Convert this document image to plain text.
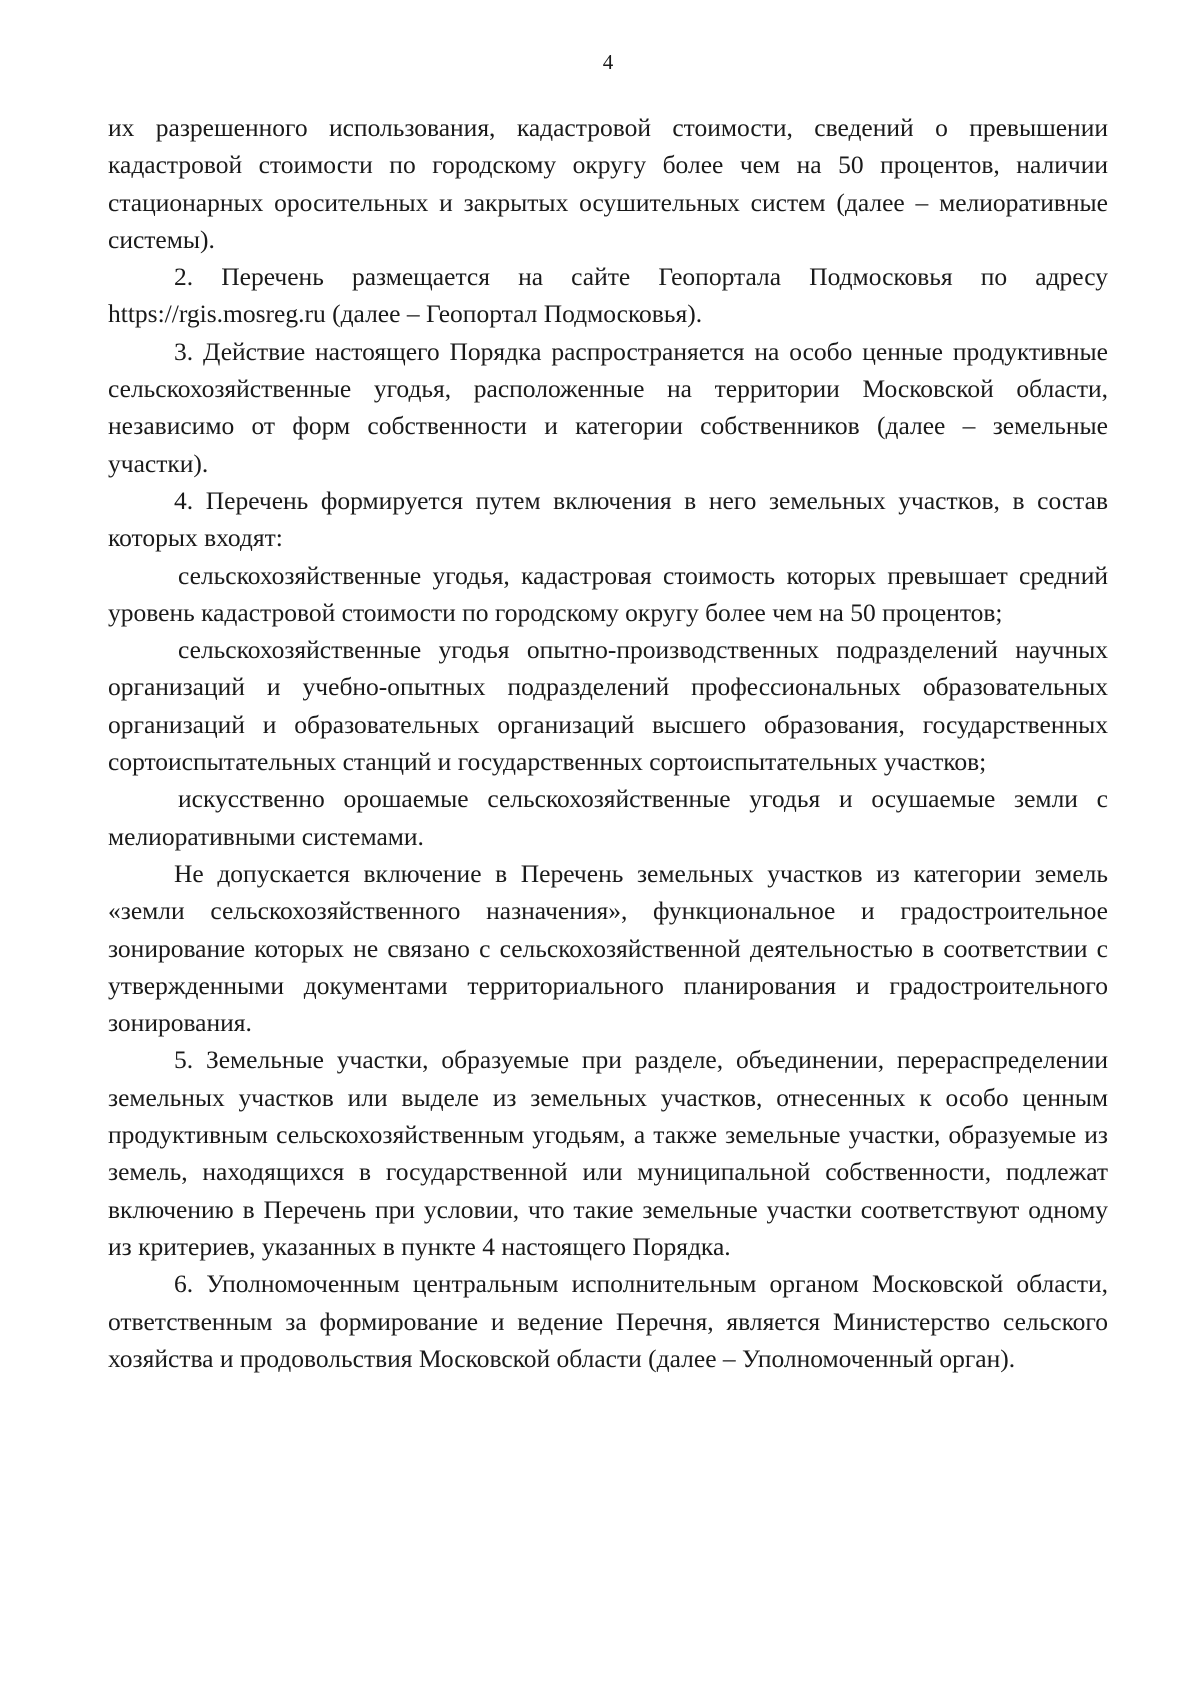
4

их разрешенного использования, кадастровой стоимости, сведений о превышении кадастровой стоимости по городскому округу более чем на 50 процентов, наличии стационарных оросительных и закрытых осушительных систем (далее – мелиоративные системы).

2. Перечень размещается на сайте Геопортала Подмосковья по адресу https://rgis.mosreg.ru (далее – Геопортал Подмосковья).

3. Действие настоящего Порядка распространяется на особо ценные продуктивные сельскохозяйственные угодья, расположенные на территории Московской области, независимо от форм собственности и категории собственников (далее – земельные участки).

4. Перечень формируется путем включения в него земельных участков, в состав которых входят:

сельскохозяйственные угодья, кадастровая стоимость которых превышает средний уровень кадастровой стоимости по городскому округу более чем на 50 процентов;

сельскохозяйственные угодья опытно-производственных подразделений научных организаций и учебно-опытных подразделений профессиональных образовательных организаций и образовательных организаций высшего образования, государственных сортоиспытательных станций и государственных сортоиспытательных участков;

искусственно орошаемые сельскохозяйственные угодья и осушаемые земли с мелиоративными системами.

Не допускается включение в Перечень земельных участков из категории земель «земли сельскохозяйственного назначения», функциональное и градостроительное зонирование которых не связано с сельскохозяйственной деятельностью в соответствии с утвержденными документами территориального планирования и градостроительного зонирования.

5. Земельные участки, образуемые при разделе, объединении, перераспределении земельных участков или выделе из земельных участков, отнесенных к особо ценным продуктивным сельскохозяйственным угодьям, а также земельные участки, образуемые из земель, находящихся в государственной или муниципальной собственности, подлежат включению в Перечень при условии, что такие земельные участки соответствуют одному из критериев, указанных в пункте 4 настоящего Порядка.

6. Уполномоченным центральным исполнительным органом Московской области, ответственным за формирование и ведение Перечня, является Министерство сельского хозяйства и продовольствия Московской области (далее – Уполномоченный орган).
